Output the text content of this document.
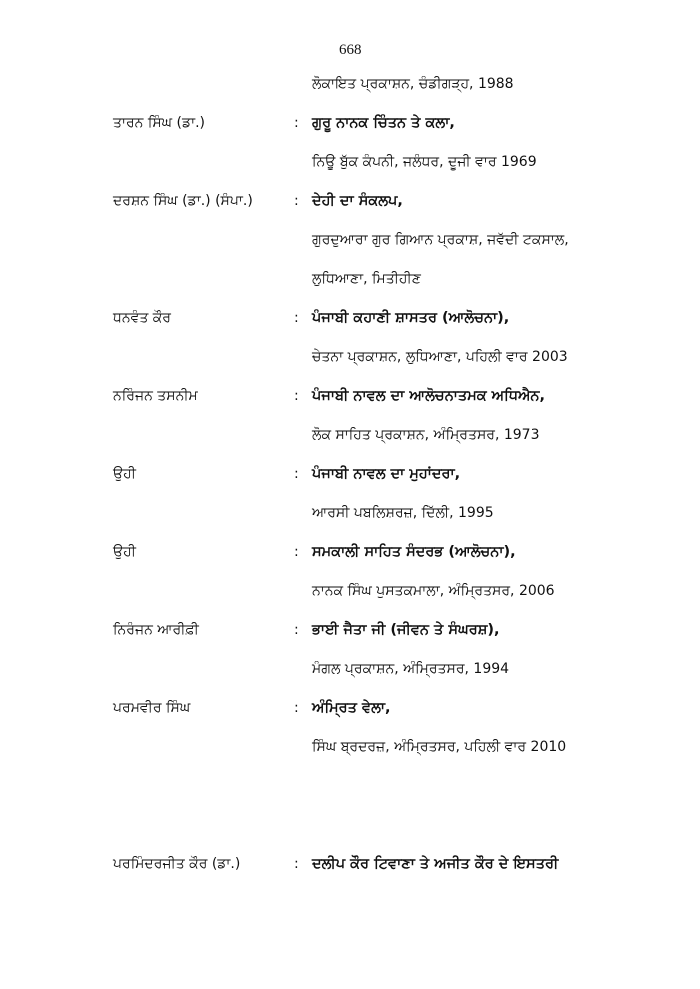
668
ਲੋਕਾਇਤ ਪ੍ਰਕਾਸ਼ਨ, ਚੰਡੀਗੜ੍ਹ, 1988
ਤਾਰਨ ਸਿੰਘ (ਡਾ.)	: ਗੁਰੂ ਨਾਨਕ ਚਿੰਤਨ ਤੇ ਕਲਾ,
ਨਿਊ ਬੁੱਕ ਕੰਪਨੀ, ਜਲੰਧਰ, ਦੂਜੀ ਵਾਰ 1969
ਦਰਸ਼ਨ ਸਿੰਘ (ਡਾ.) (ਸੰਪਾ.)	: ਦੇਹੀ ਦਾ ਸੰਕਲਪ,
ਗੁਰਦੁਆਰਾ ਗੁਰ ਗਿਆਨ ਪ੍ਰਕਾਸ਼, ਜਵੱਦੀ ਟਕਸਾਲ,
ਲੁਧਿਆਣਾ, ਮਿਤੀਹੀਣ
ਧਨਵੰਤ ਕੌਰ	: ਪੰਜਾਬੀ ਕਹਾਣੀ ਸ਼ਾਸਤਰ (ਆਲੋਚਨਾ),
ਚੇਤਨਾ ਪ੍ਰਕਾਸ਼ਨ, ਲੁਧਿਆਣਾ, ਪਹਿਲੀ ਵਾਰ 2003
ਨਰਿੰਜਨ ਤਸਨੀਮ	: ਪੰਜਾਬੀ ਨਾਵਲ ਦਾ ਆਲੋਚਨਾਤਮਕ ਅਧਿਐਨ,
ਲੋਕ ਸਾਹਿਤ ਪ੍ਰਕਾਸ਼ਨ, ਅੰਮ੍ਰਿਤਸਰ, 1973
ਉਹੀ	: ਪੰਜਾਬੀ ਨਾਵਲ ਦਾ ਮੁਹਾਂਦਰਾ,
ਆਰਸੀ ਪਬਲਿਸ਼ਰਜ਼, ਦਿੱਲੀ, 1995
ਉਹੀ	: ਸਮਕਾਲੀ ਸਾਹਿਤ ਸੰਦਰਭ (ਆਲੋਚਨਾ),
ਨਾਨਕ ਸਿੰਘ ਪੁਸਤਕਮਾਲਾ, ਅੰਮ੍ਰਿਤਸਰ, 2006
ਨਿਰੰਜਨ ਆਰੀਫ਼ੀ	: ਭਾਈ ਜੈਤਾ ਜੀ (ਜੀਵਨ ਤੇ ਸੰਘਰਸ਼),
ਮੰਗਲ ਪ੍ਰਕਾਸ਼ਨ, ਅੰਮ੍ਰਿਤਸਰ, 1994
ਪਰਮਵੀਰ ਸਿੰਘ	: ਅੰਮ੍ਰਿਤ ਵੇਲਾ,
ਸਿੰਘ ਬ੍ਰਦਰਜ਼, ਅੰਮ੍ਰਿਤਸਰ, ਪਹਿਲੀ ਵਾਰ 2010
ਪਰਮਿੰਦਰਜੀਤ ਕੌਰ (ਡਾ.)	: ਦਲੀਪ ਕੌਰ ਟਿਵਾਣਾ ਤੇ ਅਜੀਤ ਕੌਰ ਦੇ ਇਸਤਰੀ
